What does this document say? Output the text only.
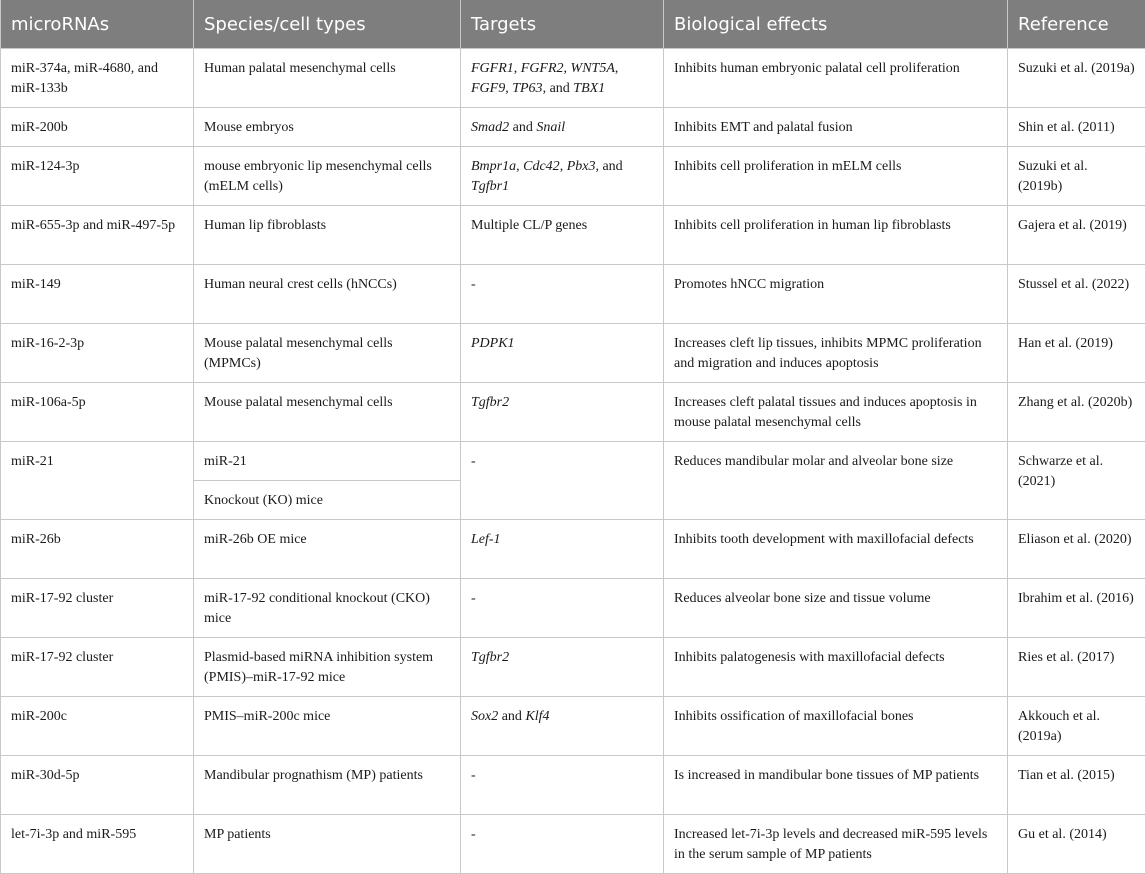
microRNAs	Species/cell types	Targets	Biological effects	Reference
miR-374a, miR-4680, and miR-133b	Human palatal mesenchymal cells	FGFR1, FGFR2, WNT5A, FGF9, TP63, and TBX1	Inhibits human embryonic palatal cell proliferation	Suzuki et al. (2019a)
miR-200b	Mouse embryos	Smad2 and Snail	Inhibits EMT and palatal fusion	Shin et al. (2011)
miR-124-3p	mouse embryonic lip mesenchymal cells (mELM cells)	Bmpr1a, Cdc42, Pbx3, and Tgfbr1	Inhibits cell proliferation in mELM cells	Suzuki et al. (2019b)
miR-655-3p and miR-497-5p	Human lip fibroblasts	Multiple CL/P genes	Inhibits cell proliferation in human lip fibroblasts	Gajera et al. (2019)
miR-149	Human neural crest cells (hNCCs)	-	Promotes hNCC migration	Stussel et al. (2022)
miR-16-2-3p	Mouse palatal mesenchymal cells (MPMCs)	PDPK1	Increases cleft lip tissues, inhibits MPMC proliferation and migration and induces apoptosis	Han et al. (2019)
miR-106a-5p	Mouse palatal mesenchymal cells	Tgfbr2	Increases cleft palatal tissues and induces apoptosis in mouse palatal mesenchymal cells	Zhang et al. (2020b)
miR-21	miR-21	-	Reduces mandibular molar and alveolar bone size	Schwarze et al. (2021)
	Knockout (KO) mice			
miR-26b	miR-26b OE mice	Lef-1	Inhibits tooth development with maxillofacial defects	Eliason et al. (2020)
miR-17-92 cluster	miR-17-92 conditional knockout (CKO) mice	-	Reduces alveolar bone size and tissue volume	Ibrahim et al. (2016)
miR-17-92 cluster	Plasmid-based miRNA inhibition system (PMIS)–miR-17-92 mice	Tgfbr2	Inhibits palatogenesis with maxillofacial defects	Ries et al. (2017)
miR-200c	PMIS–miR-200c mice	Sox2 and Klf4	Inhibits ossification of maxillofacial bones	Akkouch et al. (2019a)
miR-30d-5p	Mandibular prognathism (MP) patients	-	Is increased in mandibular bone tissues of MP patients	Tian et al. (2015)
let-7i-3p and miR-595	MP patients	-	Increased let-7i-3p levels and decreased miR-595 levels in the serum sample of MP patients	Gu et al. (2014)
